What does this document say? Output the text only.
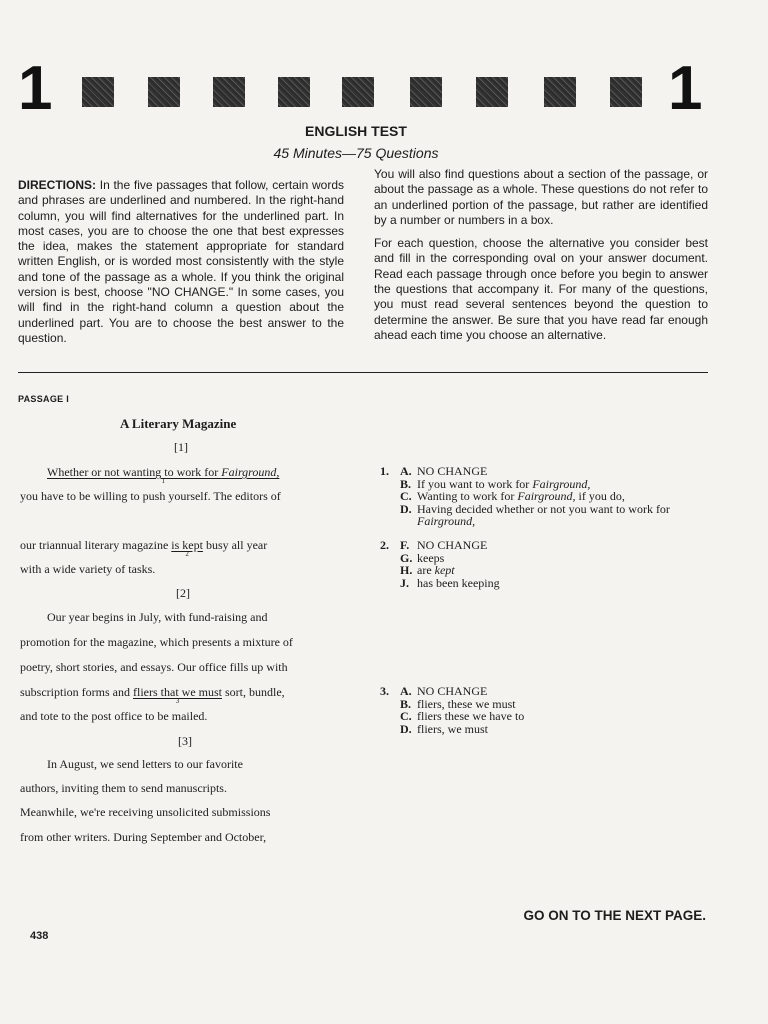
1	1
ENGLISH TEST
45 Minutes—75 Questions

DIRECTIONS: In the five passages that follow, certain words and phrases are underlined and numbered. In the right-hand column, you will find alternatives for the underlined part. In most cases, you are to choose the one that best expresses the idea, makes the statement appropriate for standard written English, or is worded most consistently with the style and tone of the passage as a whole. If you think the original version is best, choose "NO CHANGE." In some cases, you will find in the right-hand column a question about the underlined part. You are to choose the best answer to the question.

You will also find questions about a section of the passage, or about the passage as a whole. These questions do not refer to an underlined portion of the passage, but rather are identified by a number or numbers in a box.

For each question, choose the alternative you consider best and fill in the corresponding oval on your answer document. Read each passage through once before you begin to answer the questions that accompany it. For many of the questions, you must read several sentences beyond the question to determine the answer. Be sure that you have read far enough ahead each time you choose an alternative.

PASSAGE I
A Literary Magazine
[1]
Whether or not wanting to work for Fairground,
1
you have to be willing to push yourself. The editors of
our triannual literary magazine is kept
2
busy all year
with a wide variety of tasks.
[2]
Our year begins in July, with fund-raising and
promotion for the magazine, which presents a mixture of
poetry, short stories, and essays. Our office fills up with
subscription forms and fliers that we must
3
sort, bundle,
and tote to the post office to be mailed.
[3]
In August, we send letters to our favorite
authors, inviting them to send manuscripts.
Meanwhile, we're receiving unsolicited submissions
from other writers. During September and October,
1. A. NO CHANGE
B. If you want to work for Fairground,
C. Wanting to work for Fairground, if you do,
D. Having decided whether or not you want to work for Fairground,
2. F. NO CHANGE
G. keeps
H. are kept
J. has been keeping
3. A. NO CHANGE
B. fliers, these we must
C. fliers these we have to
D. fliers, we must
GO ON TO THE NEXT PAGE.
438
